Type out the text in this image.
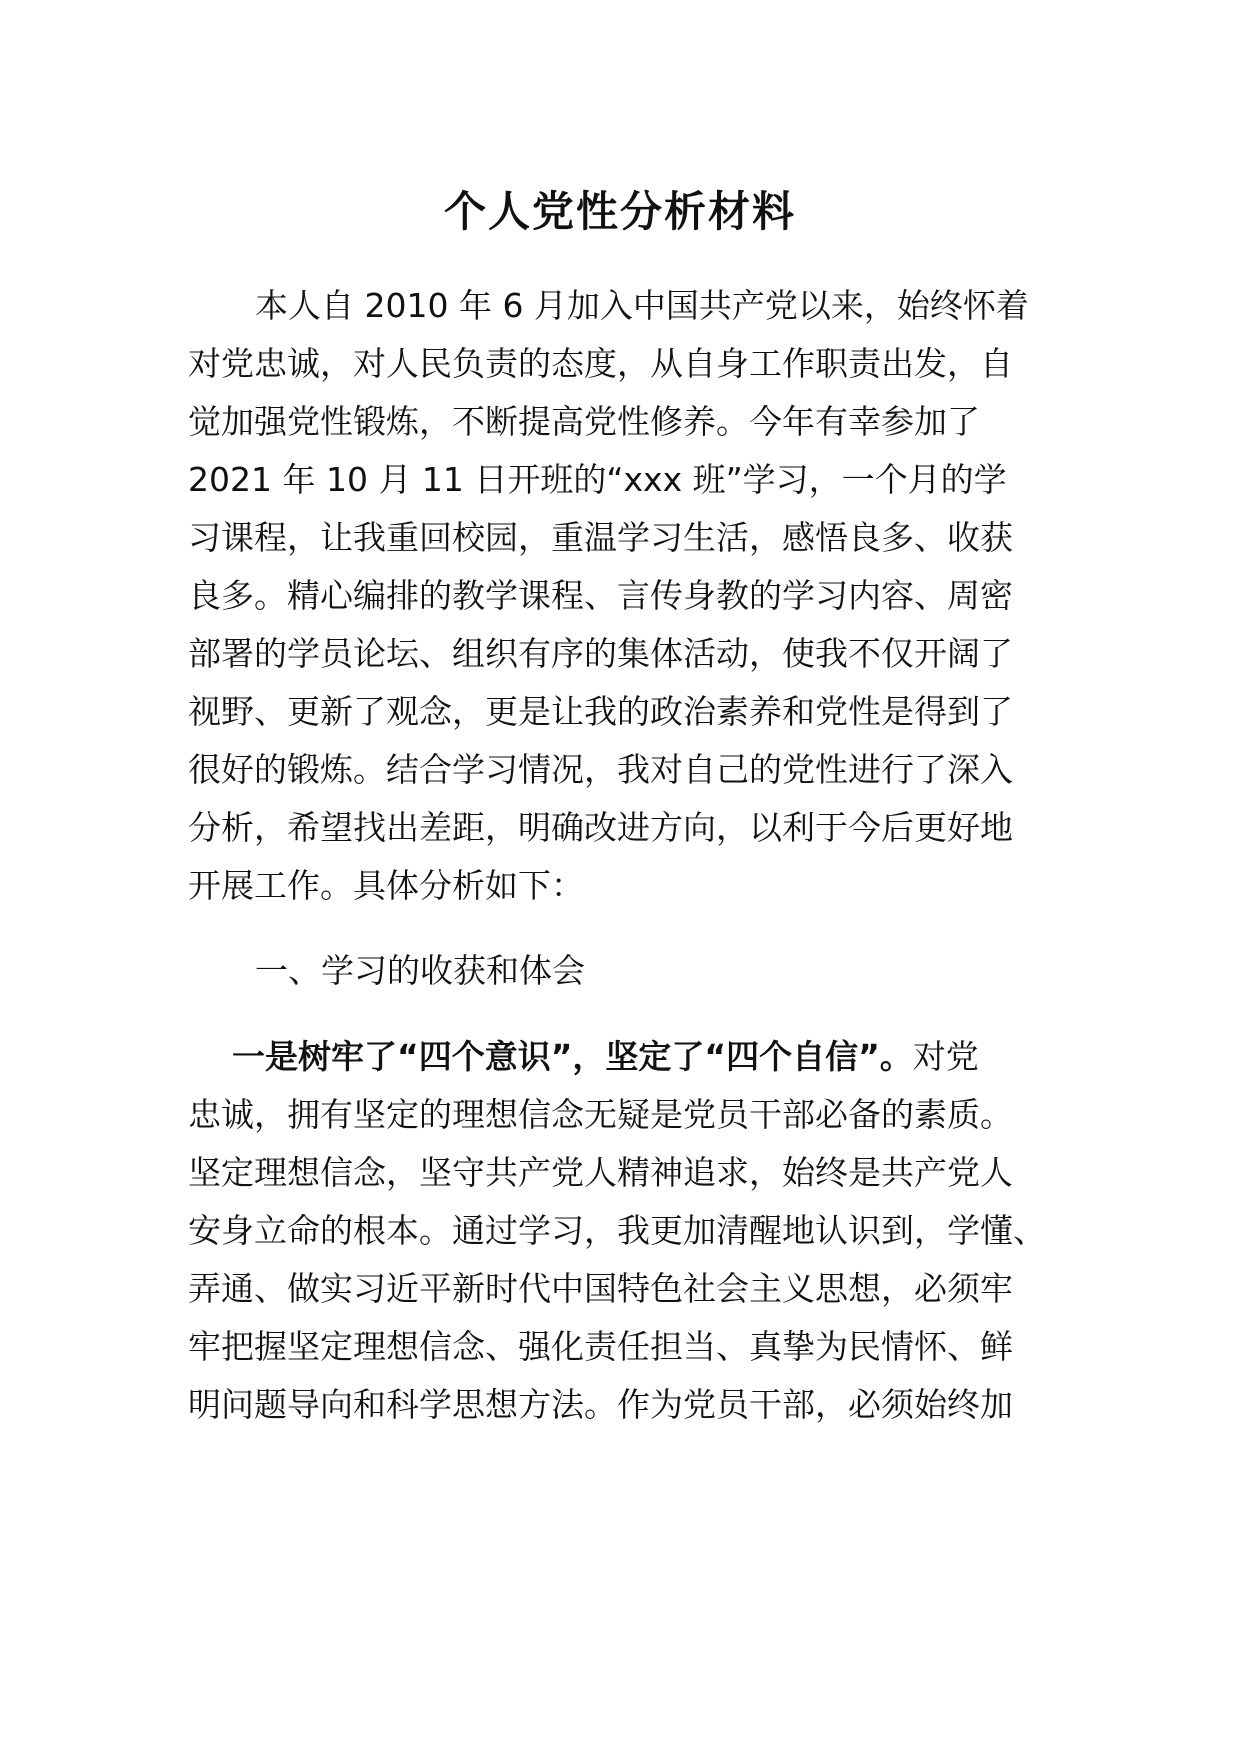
个人党性分析材料
本人自 2010 年 6 月加入中国共产党以来，始终怀着
对党忠诚，对人民负责的态度，从自身工作职责出发，自
觉加强党性锻炼，不断提高党性修养。今年有幸参加了
2021 年 10 月 11 日开班的“xxx 班”学习，一个月的学
习课程，让我重回校园，重温学习生活，感悟良多、收获
良多。精心编排的教学课程、言传身教的学习内容、周密
部署的学员论坛、组织有序的集体活动，使我不仅开阔了
视野、更新了观念，更是让我的政治素养和党性是得到了
很好的锻炼。结合学习情况，我对自己的党性进行了深入
分析，希望找出差距，明确改进方向，以利于今后更好地
开展工作。具体分析如下：
一、学习的收获和体会
一是树牢了“四个意识”，坚定了“四个自信”。对党
忠诚，拥有坚定的理想信念无疑是党员干部必备的素质。
坚定理想信念，坚守共产党人精神追求，始终是共产党人
安身立命的根本。通过学习，我更加清醒地认识到，学懂、
弄通、做实习近平新时代中国特色社会主义思想，必须牢
牢把握坚定理想信念、强化责任担当、真挚为民情怀、鲜
明问题导向和科学思想方法。作为党员干部，必须始终加
